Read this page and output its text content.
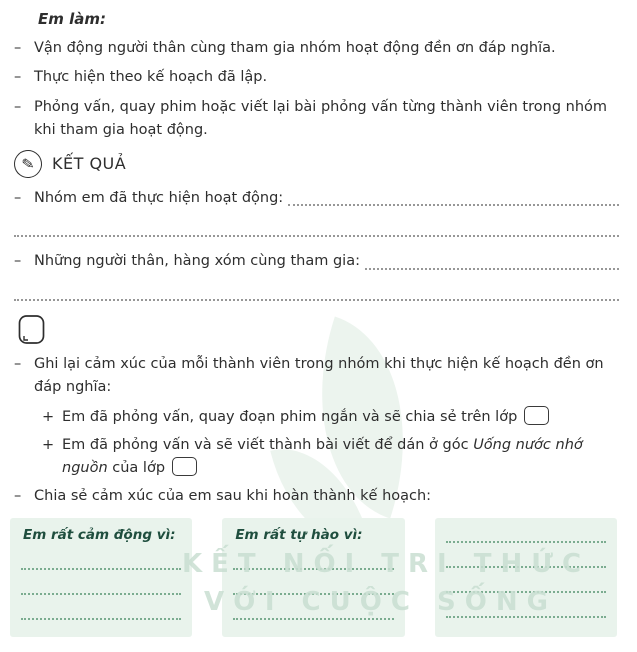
Em làm:
– Vận động người thân cùng tham gia nhóm hoạt động đền ơn đáp nghĩa.
– Thực hiện theo kế hoạch đã lập.
– Phỏng vấn, quay phim hoặc viết lại bài phỏng vấn từng thành viên trong nhóm khi tham gia hoạt động.
✎	KẾT QUẢ
– Nhóm em đã thực hiện hoạt động:
– Những người thân, hàng xóm cùng tham gia:
– Ghi lại cảm xúc của mỗi thành viên trong nhóm khi thực hiện kế hoạch đền ơn đáp nghĩa:
+ Em đã phỏng vấn, quay đoạn phim ngắn và sẽ chia sẻ trên lớp
+ Em đã phỏng vấn và sẽ viết thành bài viết để dán ở góc Uống nước nhớ nguồn của lớp
– Chia sẻ cảm xúc của em sau khi hoàn thành kế hoạch:
Em rất cảm động vì:	Em rất tự hào vì:
KẾT NỐI TRI THỨC
VỚI CUỘC SỐNG
